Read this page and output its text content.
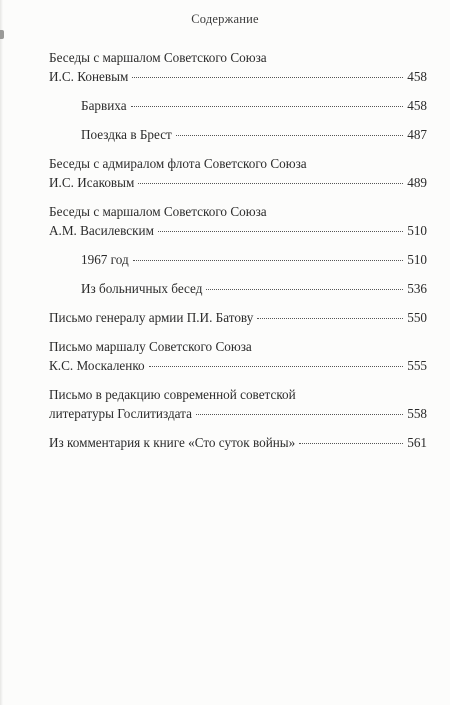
Содержание
Беседы с маршалом Советского Союза
И.С. Коневым	458
Барвиха	458
Поездка в Брест	487
Беседы с адмиралом флота Советского Союза
И.С. Исаковым	489
Беседы с маршалом Советского Союза
А.М. Василевским	510
1967 год	510
Из больничных бесед	536
Письмо генералу армии П.И. Батову	550
Письмо маршалу Советского Союза
К.С. Москаленко	555
Письмо в редакцию современной советской
литературы Гослитиздата	558
Из комментария к книге «Сто суток войны»	561
